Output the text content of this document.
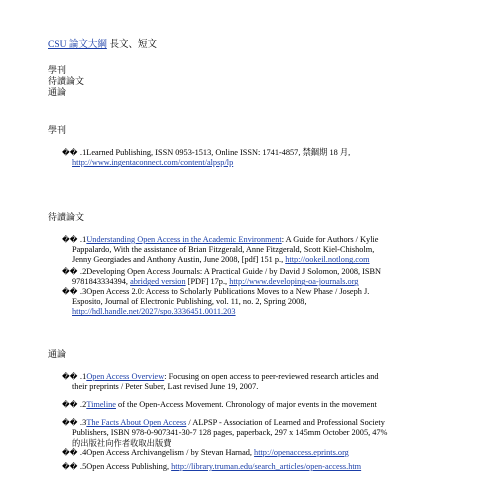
CSU 論文大綱 長文、短文
學刊
待讀論文
通論
學刊
�� .1Learned Publishing, ISSN 0953-1513, Online ISSN: 1741-4857, 禁錮期 18 月,
http://www.ingentaconnect.com/content/alpsp/lp
待讀論文
�� .1Understanding Open Access in the Academic Environment: A Guide for Authors / Kylie
Pappalardo, With the assistance of Brian Fitzgerald, Anne Fitzgerald, Scott Kiel-Chisholm,
Jenny Georgiades and Anthony Austin, June 2008, [pdf] 151 p., http://ookeil.notlong.com
�� .2Developing Open Access Journals: A Practical Guide / by David J Solomon, 2008, ISBN
9781843334394, abridged version [PDF] 17p., http://www.developing-oa-journals.org
�� .3Open Access 2.0: Access to Scholarly Publications Moves to a New Phase / Joseph J.
Esposito, Journal of Electronic Publishing, vol. 11, no. 2, Spring 2008,
http://hdl.handle.net/2027/spo.3336451.0011.203
通論
�� .1Open Access Overview: Focusing on open access to peer-reviewed research articles and
their preprints / Peter Suber, Last revised June 19, 2007.
�� .2Timeline of the Open-Access Movement. Chronology of major events in the movement
�� .3The Facts About Open Access / ALPSP - Association of Learned and Professional Society
Publishers, ISBN 978-0-907341-30-7 128 pages, paperback, 297 x 145mm October 2005, 47%
的出版社向作者收取出版費
�� .4Open Access Archivangelism / by Stevan Harnad, http://openaccess.eprints.org
�� .5Open Access Publishing, http://library.truman.edu/search_articles/open-access.htm
